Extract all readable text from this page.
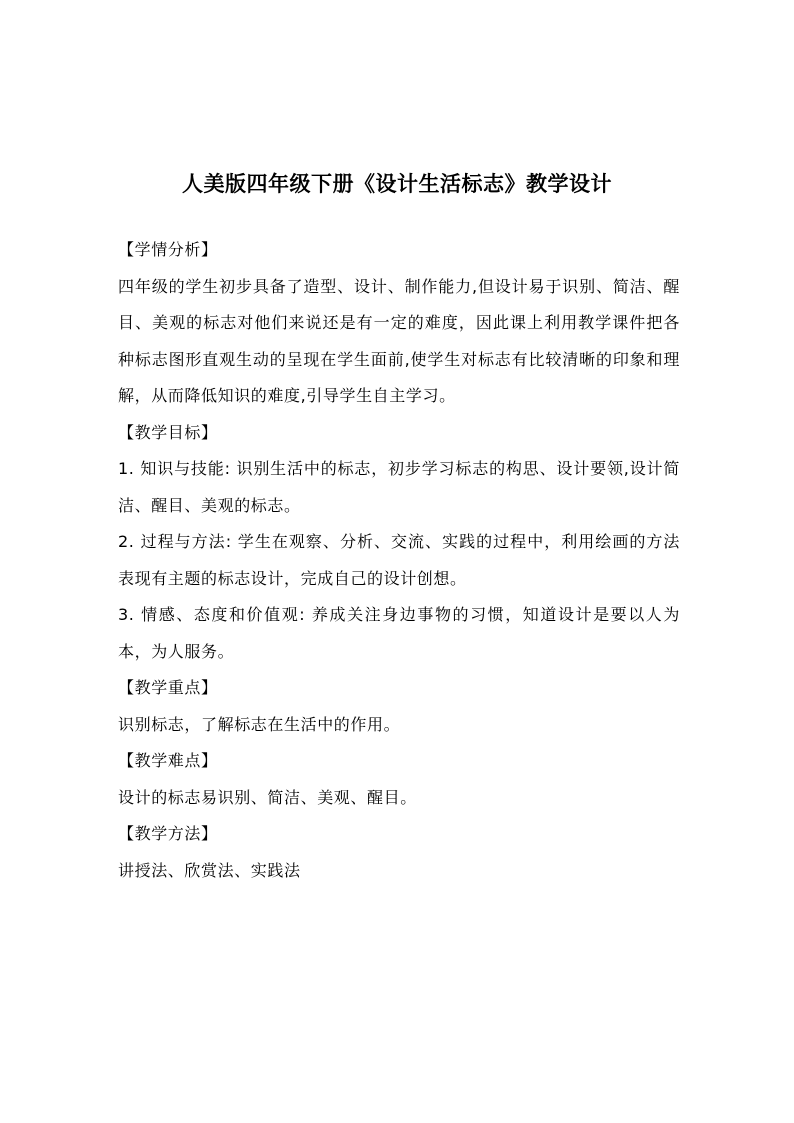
人美版四年级下册《设计生活标志》教学设计

【学情分析】

四年级的学生初步具备了造型、设计、制作能力,但设计易于识别、简洁、醒目、美观的标志对他们来说还是有一定的难度，因此课上利用教学课件把各种标志图形直观生动的呈现在学生面前,使学生对标志有比较清晰的印象和理解，从而降低知识的难度,引导学生自主学习。

【教学目标】

1. 知识与技能: 识别生活中的标志，初步学习标志的构思、设计要领,设计简洁、醒目、美观的标志。

2. 过程与方法: 学生在观察、分析、交流、实践的过程中，利用绘画的方法表现有主题的标志设计，完成自己的设计创想。

3. 情感、态度和价值观: 养成关注身边事物的习惯，知道设计是要以人为本，为人服务。

【教学重点】

识别标志，了解标志在生活中的作用。

【教学难点】

设计的标志易识别、简洁、美观、醒目。

【教学方法】

讲授法、欣赏法、实践法
